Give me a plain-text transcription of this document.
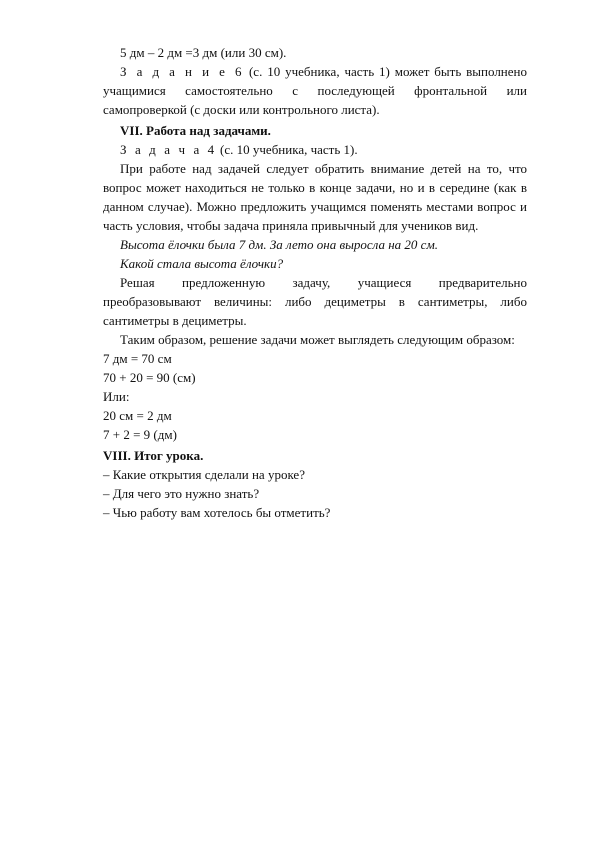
5 дм – 2 дм =3 дм (или 30 см).

З а д а н и е 6 (с. 10 учебника, часть 1) может быть выполнено учащимися самостоятельно с последующей фронтальной или самопроверкой (с доски или контрольного листа).

VII. Работа над задачами.

З а д а ч а 4 (с. 10 учебника, часть 1).

При работе над задачей следует обратить внимание детей на то, что вопрос может находиться не только в конце задачи, но и в середине (как в данном случае). Можно предложить учащимся поменять местами вопрос и часть условия, чтобы задача приняла привычный для учеников вид.

Высота ёлочки была 7 дм. За лето она выросла на 20 см.

Какой стала высота ёлочки?

Решая предложенную задачу, учащиеся предварительно преобразовывают величины: либо дециметры в сантиметры, либо сантиметры в дециметры.

Таким образом, решение задачи может выглядеть следующим образом:

7 дм = 70 см

70 + 20 = 90 (см)

Или:

20 см = 2 дм

7 + 2 = 9 (дм)

VIII. Итог урока.

– Какие открытия сделали на уроке?

– Для чего это нужно знать?

– Чью работу вам хотелось бы отметить?
